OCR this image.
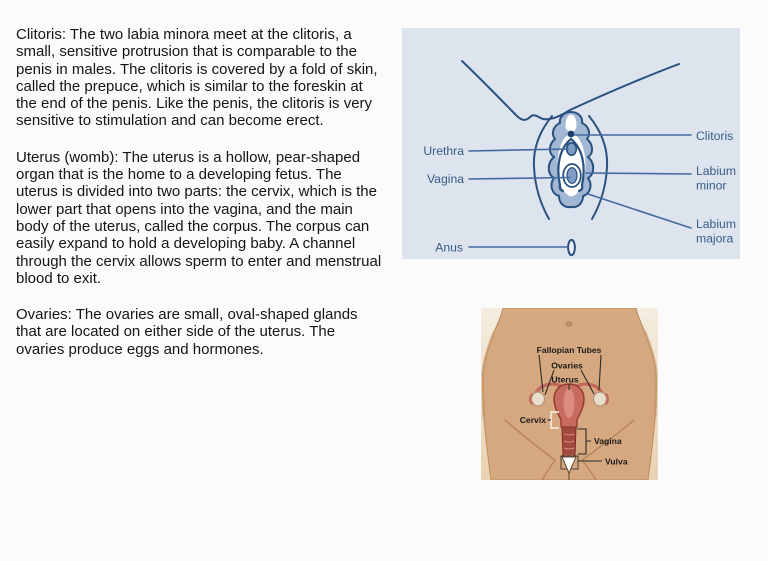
Clitoris: The two labia minora meet at the clitoris, a small, sensitive protrusion that is comparable to the penis in males. The clitoris is covered by a fold of skin, called the prepuce, which is similar to the foreskin at the end of the penis. Like the penis, the clitoris is very sensitive to stimulation and can become erect.

Uterus (womb): The uterus is a hollow, pear-shaped organ that is the home to a developing fetus. The uterus is divided into two parts: the cervix, which is the lower part that opens into the vagina, and the main body of the uterus, called the corpus. The corpus can easily expand to hold a developing baby. A channel through the cervix allows sperm to enter and menstrual blood to exit.

Ovaries: The ovaries are small, oval-shaped glands that are located on either side of the uterus. The ovaries produce eggs and hormones.

Urethra
Vagina
Anus
Clitoris
Labium
minor
Labium
majora
Fallopian Tubes
Ovaries
Uterus
Cervix
Vagina
Vulva
